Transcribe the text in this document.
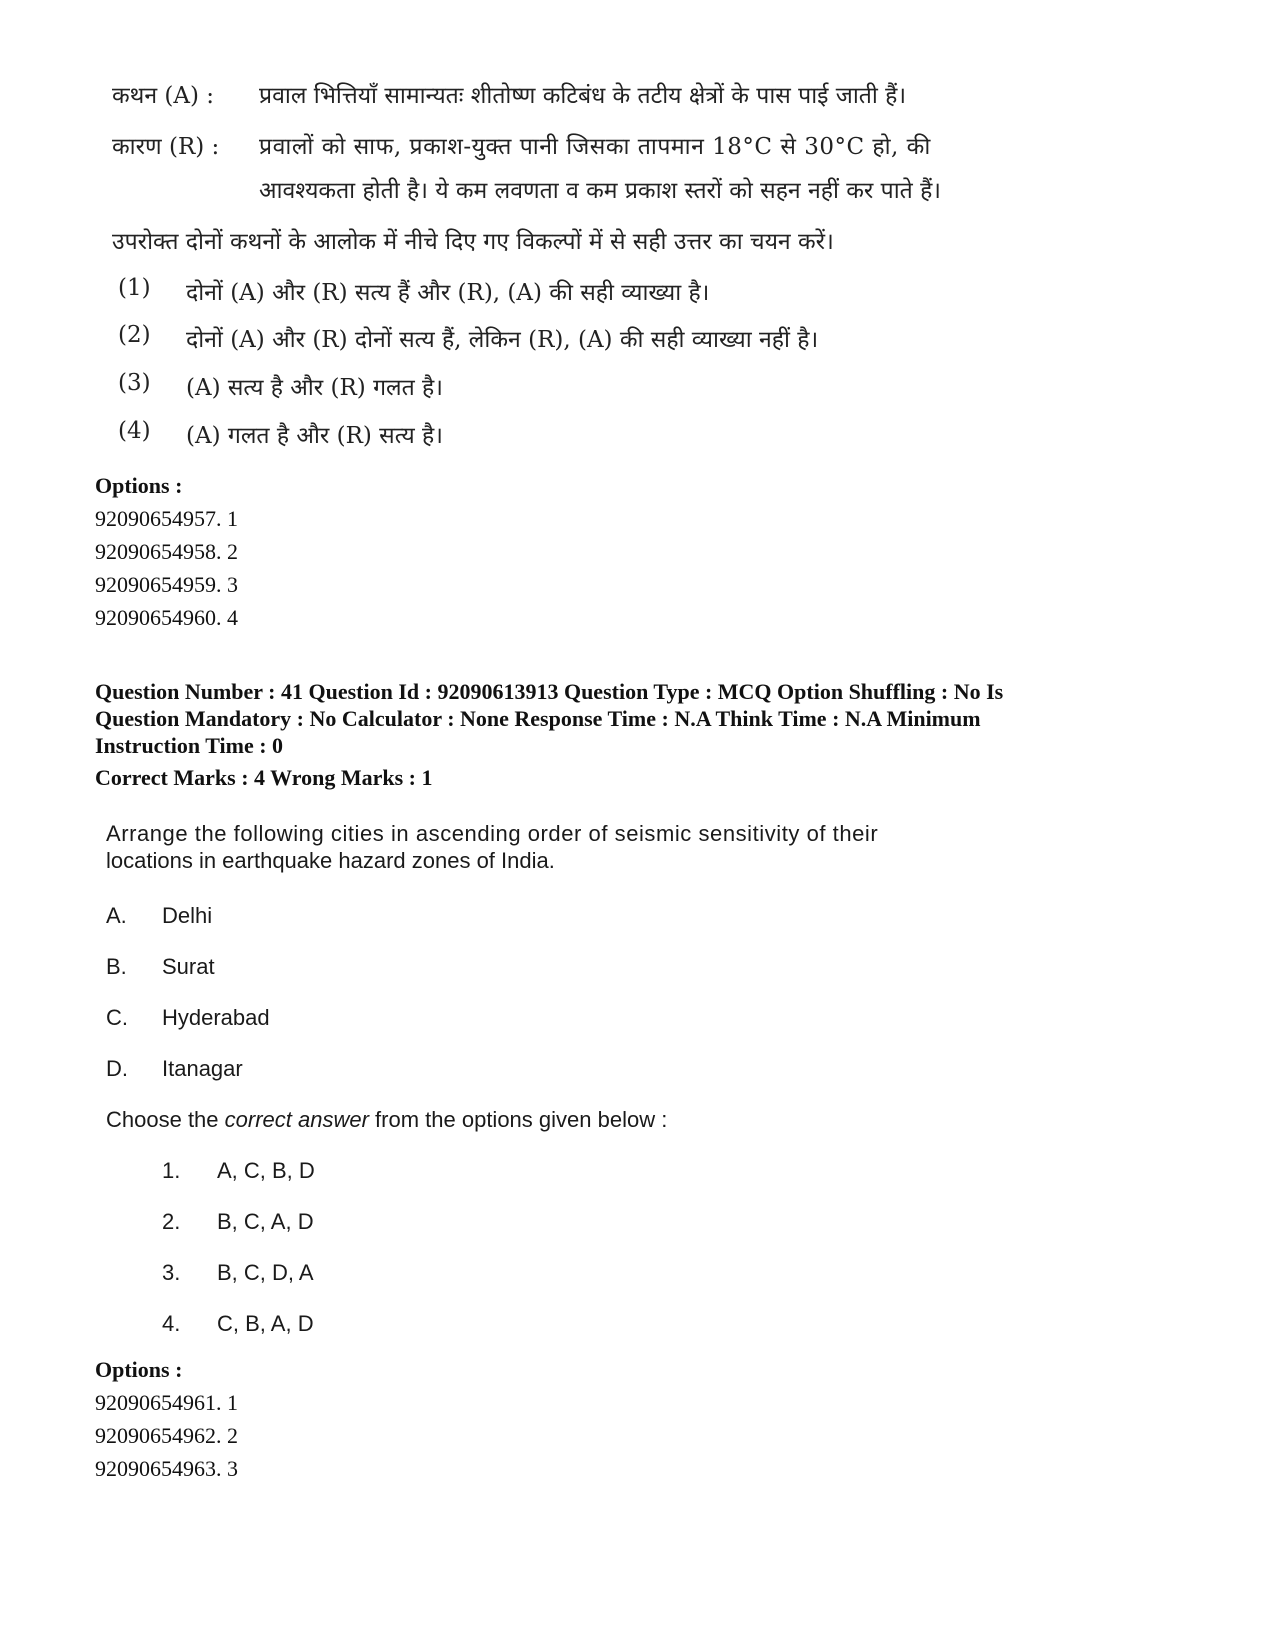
कथन (A) : प्रवाल भित्तियाँ सामान्यतः शीतोष्ण कटिबंध के तटीय क्षेत्रों के पास पाई जाती हैं।
कारण (R) : प्रवालों को साफ, प्रकाश-युक्त पानी जिसका तापमान 18°C से 30°C हो, की
आवश्यकता होती है। ये कम लवणता व कम प्रकाश स्तरों को सहन नहीं कर पाते हैं।
उपरोक्त दोनों कथनों के आलोक में नीचे दिए गए विकल्पों में से सही उत्तर का चयन करें।
(1) दोनों (A) और (R) सत्य हैं और (R), (A) की सही व्याख्या है।
(2) दोनों (A) और (R) दोनों सत्य हैं, लेकिन (R), (A) की सही व्याख्या नहीं है।
(3) (A) सत्य है और (R) गलत है।
(4) (A) गलत है और (R) सत्य है।
Options :
92090654957. 1
92090654958. 2
92090654959. 3
92090654960. 4
Question Number : 41 Question Id : 92090613913 Question Type : MCQ Option Shuffling : No Is
Question Mandatory : No Calculator : None Response Time : N.A Think Time : N.A Minimum
Instruction Time : 0
Correct Marks : 4 Wrong Marks : 1
Arrange the following cities in ascending order of seismic sensitivity of their
locations in earthquake hazard zones of India.
A. Delhi
B. Surat
C. Hyderabad
D. Itanagar
Choose the correct answer from the options given below :
1. A, C, B, D
2. B, C, A, D
3. B, C, D, A
4. C, B, A, D
Options :
92090654961. 1
92090654962. 2
92090654963. 3
